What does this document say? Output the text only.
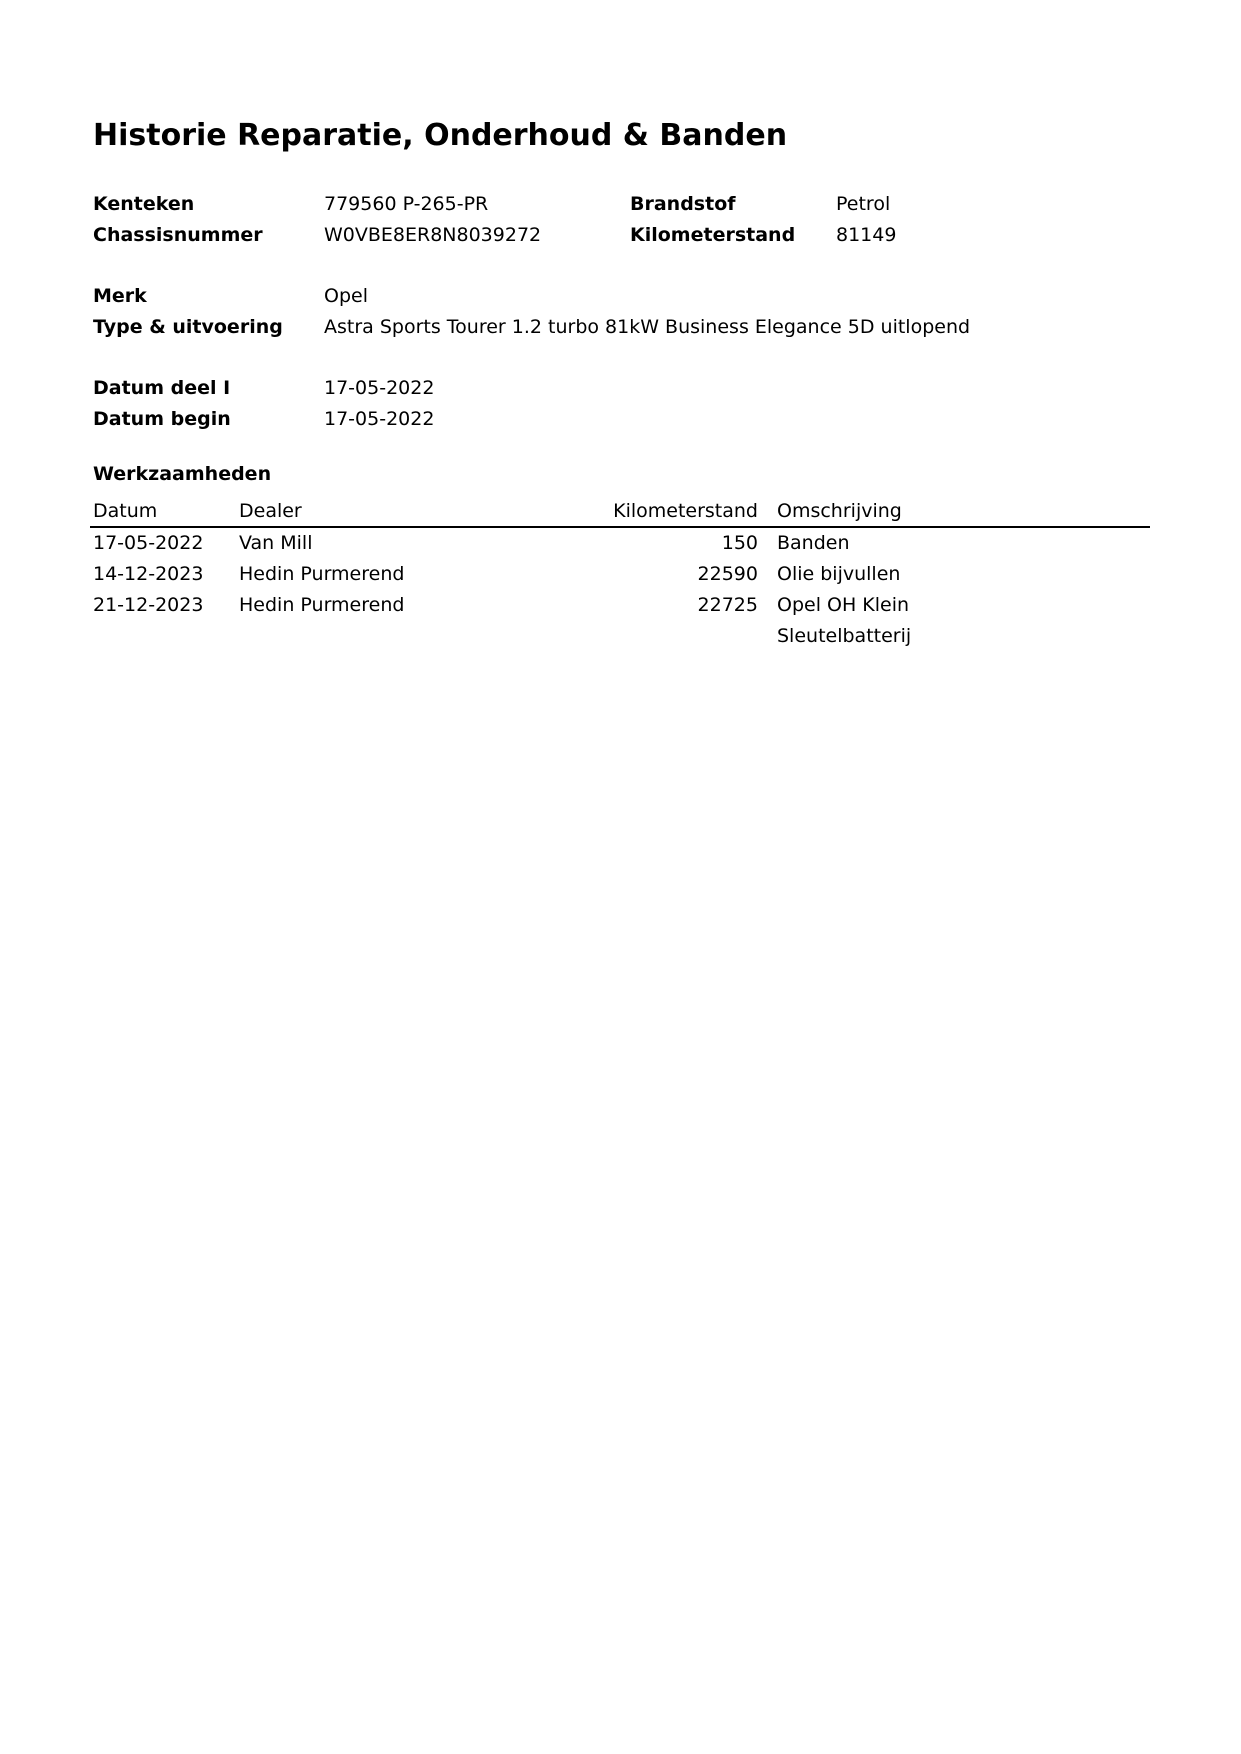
Historie Reparatie, Onderhoud & Banden
Kenteken	779560 P-265-PR	Brandstof	Petrol
Chassisnummer	W0VBE8ER8N8039272	Kilometerstand 81149
Merk	Opel
Type & uitvoering Astra Sports Tourer 1.2 turbo 81kW Business Elegance 5D uitlopend
Datum deel I	17-05-2022
Datum begin	17-05-2022
Werkzaamheden
Datum	Dealer	Kilometerstand Omschrijving
17-05-2022 Van Mill	150 Banden
14-12-2023 Hedin Purmerend	22590 Olie bijvullen
21-12-2023 Hedin Purmerend	22725 Opel OH Klein
Sleutelbatterij
